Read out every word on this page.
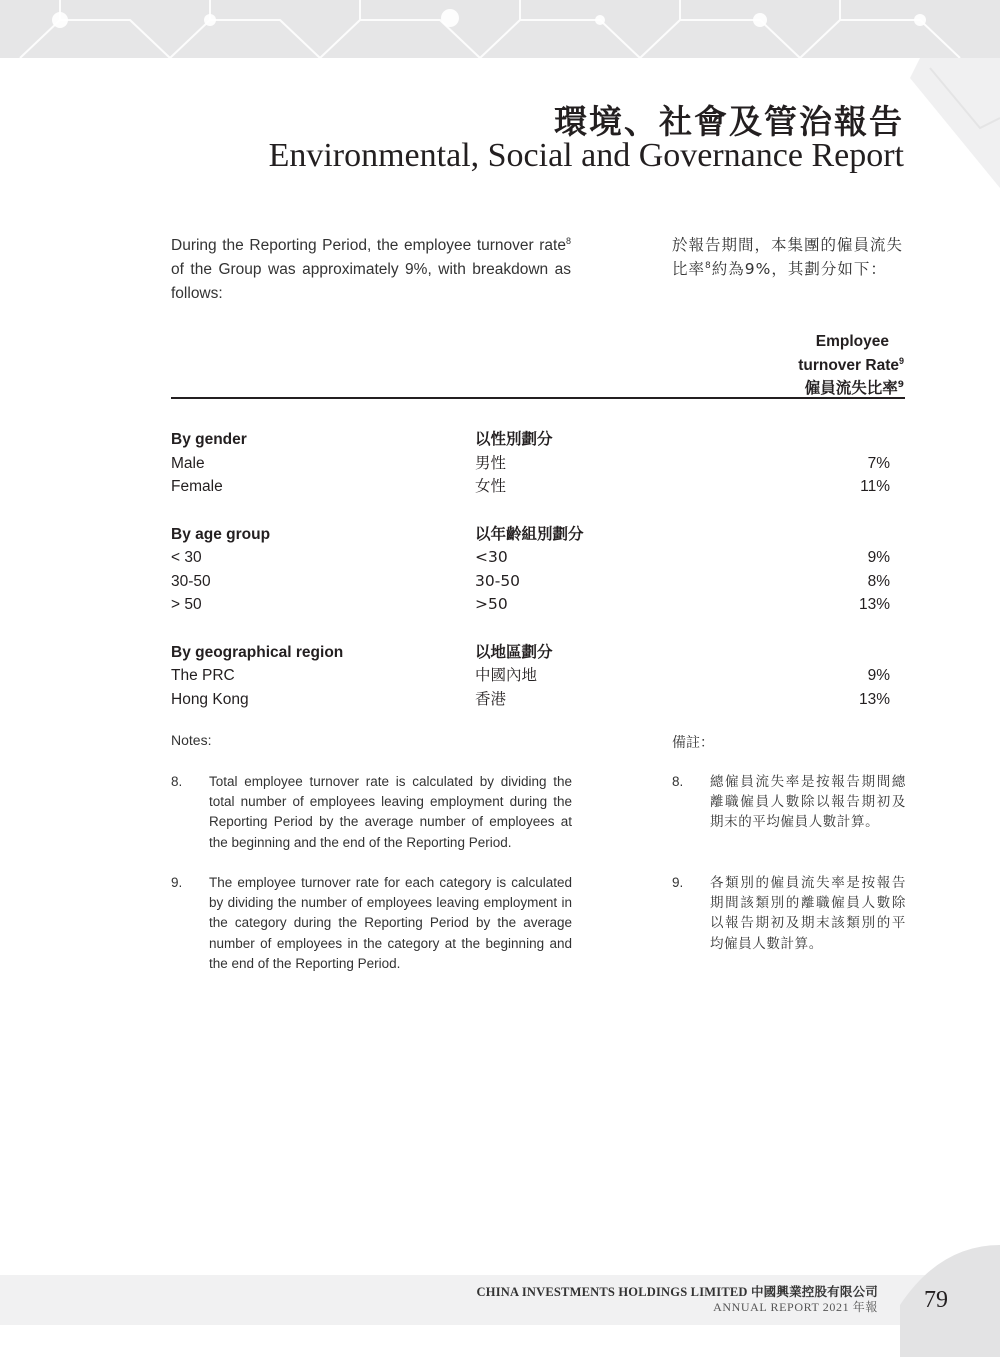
環境、社會及管治報告
Environmental, Social and Governance Report
During the Reporting Period, the employee turnover rate$^8$ of the Group was approximately 9%, with breakdown as follows:
於報告期間，本集團的僱員流失比率$^8$約為9%，其劃分如下：
Employee
turnover Rate$^9$
僱員流失比率$^9$
By gender	以性別劃分
Male	男性	7%
Female	女性	11%
By age group	以年齡組別劃分
< 30	<30	9%
30-50	30-50	8%
> 50	>50	13%
By geographical region	以地區劃分
The PRC	中國內地	9%
Hong Kong	香港	13%
Notes:	備註：
8. Total employee turnover rate is calculated by dividing the total number of employees leaving employment during the Reporting Period by the average number of employees at the beginning and the end of the Reporting Period.
8. 總僱員流失率是按報告期間總離職僱員人數除以報告期初及期末的平均僱員人數計算。
9. The employee turnover rate for each category is calculated by dividing the number of employees leaving employment in the category during the Reporting Period by the average number of employees in the category at the beginning and the end of the Reporting Period.
9. 各類別的僱員流失率是按報告期間該類別的離職僱員人數除以報告期初及期末該類別的平均僱員人數計算。
CHINA INVESTMENTS HOLDINGS LIMITED 中國興業控股有限公司
ANNUAL REPORT 2021 年報 79
